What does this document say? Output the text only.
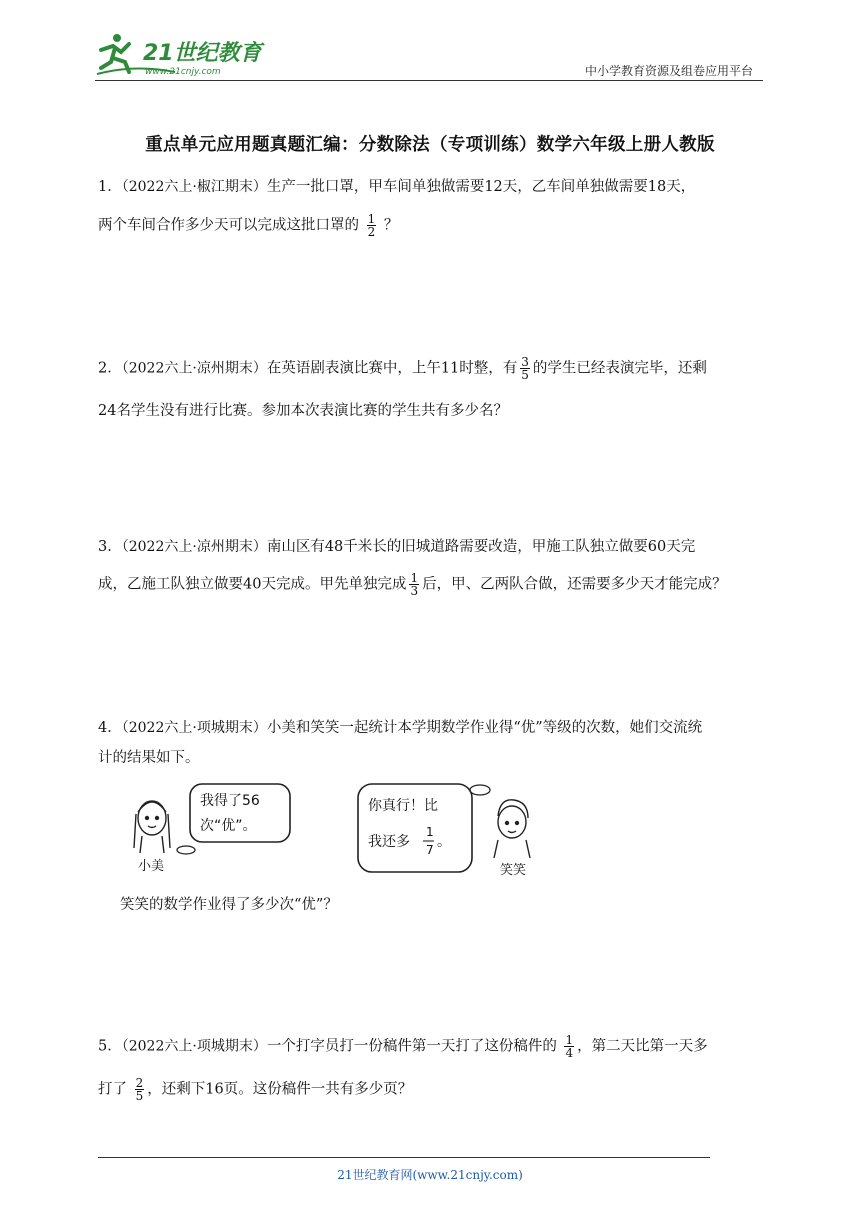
21世纪教育
www.21cnjy.com	中小学教育资源及组卷应用平台
重点单元应用题真题汇编：分数除法（专项训练）数学六年级上册人教版
1．（2022六上·椒江期末）生产一批口罩，甲车间单独做需要12天，乙车间单独做需要18天，
两个车间合作多少天可以完成这批口罩的 $\frac{1}{2}$ ？
2．（2022六上·凉州期末）在英语剧表演比赛中，上午11时整，有 $\frac{3}{5}$ 的学生已经表演完毕，还剩
24名学生没有进行比赛。参加本次表演比赛的学生共有多少名？
3．（2022六上·凉州期末）南山区有48千米长的旧城道路需要改造，甲施工队独立做要60天完
成，乙施工队独立做要40天完成。甲先单独完成 $\frac{1}{3}$ 后，甲、乙两队合做，还需要多少天才能完成？
4．（2022六上·项城期末）小美和笑笑一起统计本学期数学作业得“优”等级的次数，她们交流统
计的结果如下。
小美
我得了56
次“优”。
你真行！比
我还多
1
7 。
笑笑
笑笑的数学作业得了多少次“优”？
5．（2022六上·项城期末）一个打字员打一份稿件第一天打了这份稿件的 $\frac{1}{4}$ ，第二天比第一天多
打了 $\frac{2}{5}$ ，还剩下16页。这份稿件一共有多少页？
21世纪教育网(www.21cnjy.com)
